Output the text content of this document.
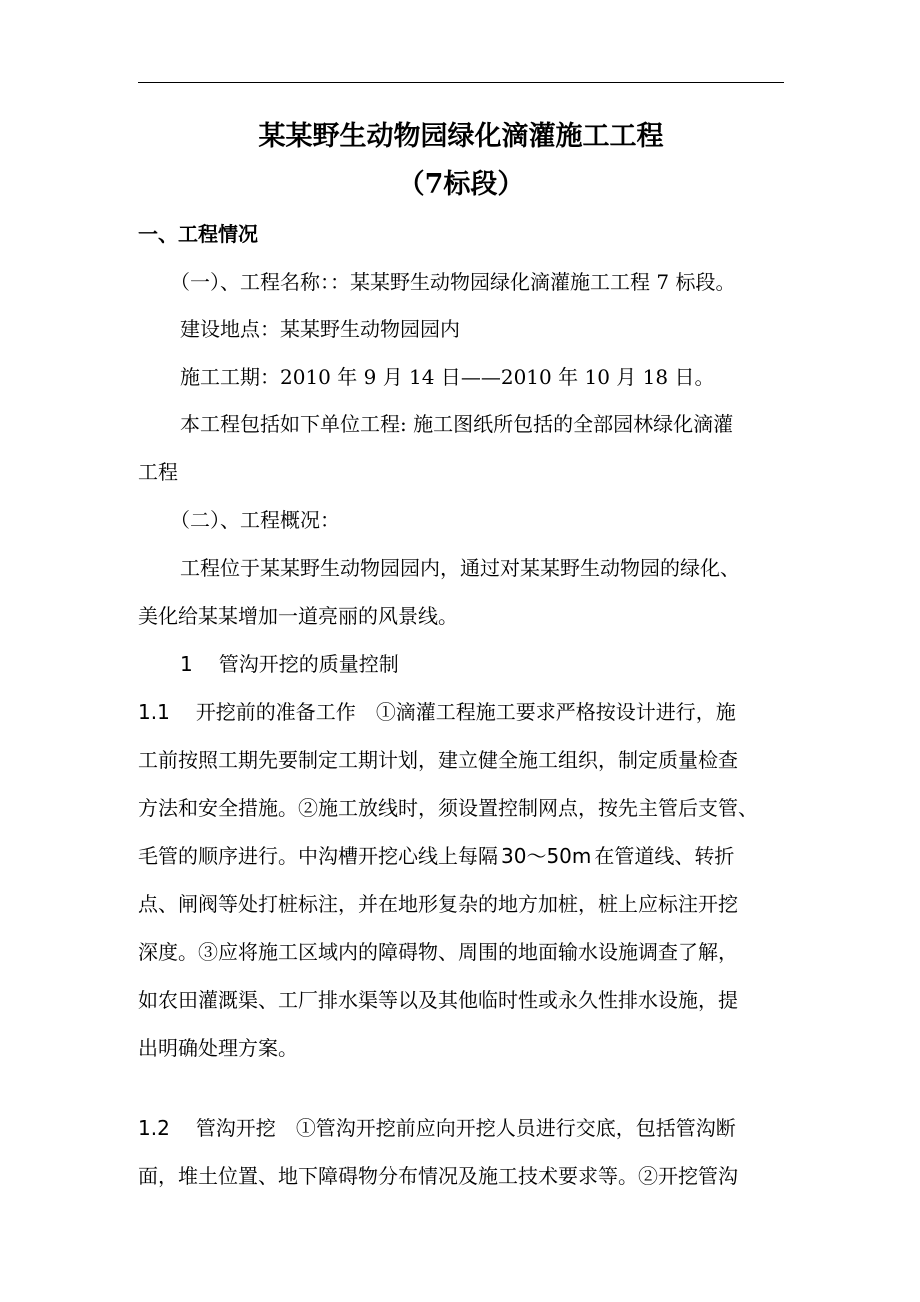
某某野生动物园绿化滴灌施工工程
（7标段）
一、工程情况
（一）、工程名称：：某某野生动物园绿化滴灌施工工程 7 标段。
建设地点：某某野生动物园园内
施工工期：2010 年 9 月 14 日——2010 年 10 月 18 日。
本工程包括如下单位工程: 施工图纸所包括的全部园林绿化滴灌
工程
（二）、工程概况：
工程位于某某野生动物园园内，通过对某某野生动物园的绿化、
美化给某某增加一道亮丽的风景线。
1 管沟开挖的质量控制
1.1 开挖前的准备工作 ①滴灌工程施工要求严格按设计进行，施
工前按照工期先要制定工期计划，建立健全施工组织，制定质量检查
方法和安全措施。②施工放线时，须设置控制网点，按先主管后支管、
毛管的顺序进行。中沟槽开挖心线上每隔 30～50m 在管道线、转折
点、闸阀等处打桩标注，并在地形复杂的地方加桩，桩上应标注开挖
深度。③应将施工区域内的障碍物、周围的地面输水设施调查了解，
如农田灌溉渠、工厂排水渠等以及其他临时性或永久性排水设施，提
出明确处理方案。
1.2 管沟开挖 ①管沟开挖前应向开挖人员进行交底，包括管沟断
面，堆土位置、地下障碍物分布情况及施工技术要求等。②开挖管沟
